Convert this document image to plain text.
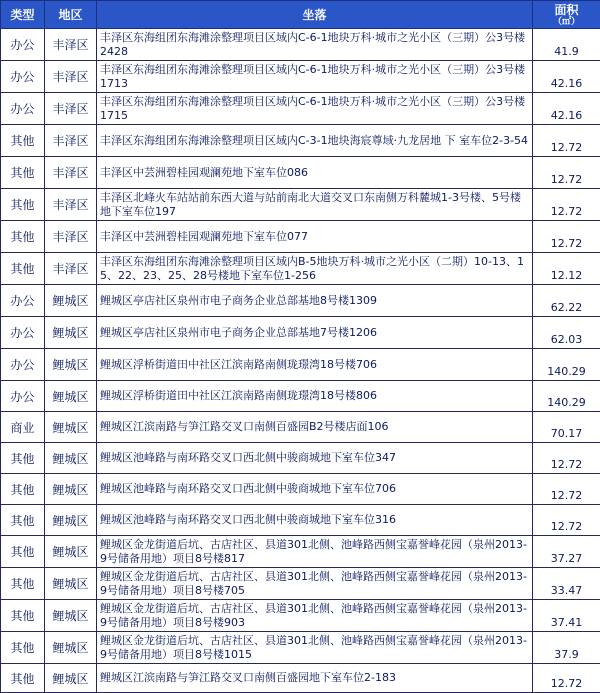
类型	地区	坐落	面积
（㎡）

办公	丰泽区	丰泽区东海组团东海滩涂整理项目区域内C-6-1地块万科·城市之光小区（三期）公3号楼2428	41.9
办公	丰泽区	丰泽区东海组团东海滩涂整理项目区域内C-6-1地块万科·城市之光小区（三期）公3号楼1713	42.16
办公	丰泽区	丰泽区东海组团东海滩涂整理项目区域内C-6-1地块万科·城市之光小区（三期）公3号楼1715	42.16
其他	丰泽区	丰泽区东海组团东海滩涂整理项目区域内C-3-1地块海宸尊域·九龙居地 下 室车位2-3-54	12.72
其他	丰泽区	丰泽区中芸洲碧桂园观澜苑地下室车位086	12.72
其他	丰泽区	丰泽区北峰火车站站前东西大道与站前南北大道交叉口东南侧万科麓城1-3号楼、5号楼地下室车位197	12.72
其他	丰泽区	丰泽区中芸洲碧桂园观澜苑地下室车位077	12.72
其他	丰泽区	丰泽区东海组团东海滩涂整理项目区域内B-5地块万科·城市之光小区（二期）10-13、15、22、23、25、28号楼地下室车位1-256	12.12
办公	鲤城区	鲤城区亭店社区泉州市电子商务企业总部基地8号楼1309	62.22
办公	鲤城区	鲤城区亭店社区泉州市电子商务企业总部基地7号楼1206	62.03
办公	鲤城区	鲤城区浮桥街道田中社区江滨南路南侧珑璟湾18号楼706	140.29
办公	鲤城区	鲤城区浮桥街道田中社区江滨南路南侧珑璟湾18号楼806	140.29
商业	鲤城区	鲤城区江滨南路与笋江路交叉口南侧百盛园B2号楼店面106	70.17
其他	鲤城区	鲤城区池峰路与南环路交叉口西北侧中骏商城地下室车位347	12.72
其他	鲤城区	鲤城区池峰路与南环路交叉口西北侧中骏商城地下室车位706	12.72
其他	鲤城区	鲤城区池峰路与南环路交叉口西北侧中骏商城地下室车位316	12.72
其他	鲤城区	鲤城区金龙街道后坑、古店社区、县道301北侧、池峰路西侧宝嘉誉峰花园（泉州2013-9号储备用地）项目8号楼817	37.27
其他	鲤城区	鲤城区金龙街道后坑、古店社区、县道301北侧、池峰路西侧宝嘉誉峰花园（泉州2013-9号储备用地）项目8号楼705	33.47
其他	鲤城区	鲤城区金龙街道后坑、古店社区、县道301北侧、池峰路西侧宝嘉誉峰花园（泉州2013-9号储备用地）项目8号楼903	37.41
其他	鲤城区	鲤城区金龙街道后坑、古店社区、县道301北侧、池峰路西侧宝嘉誉峰花园（泉州2013-9号储备用地）项目8号楼1015	37.9
其他	鲤城区	鲤城区江滨南路与笋江路交叉口南侧百盛园地下室车位2-183	12.72
